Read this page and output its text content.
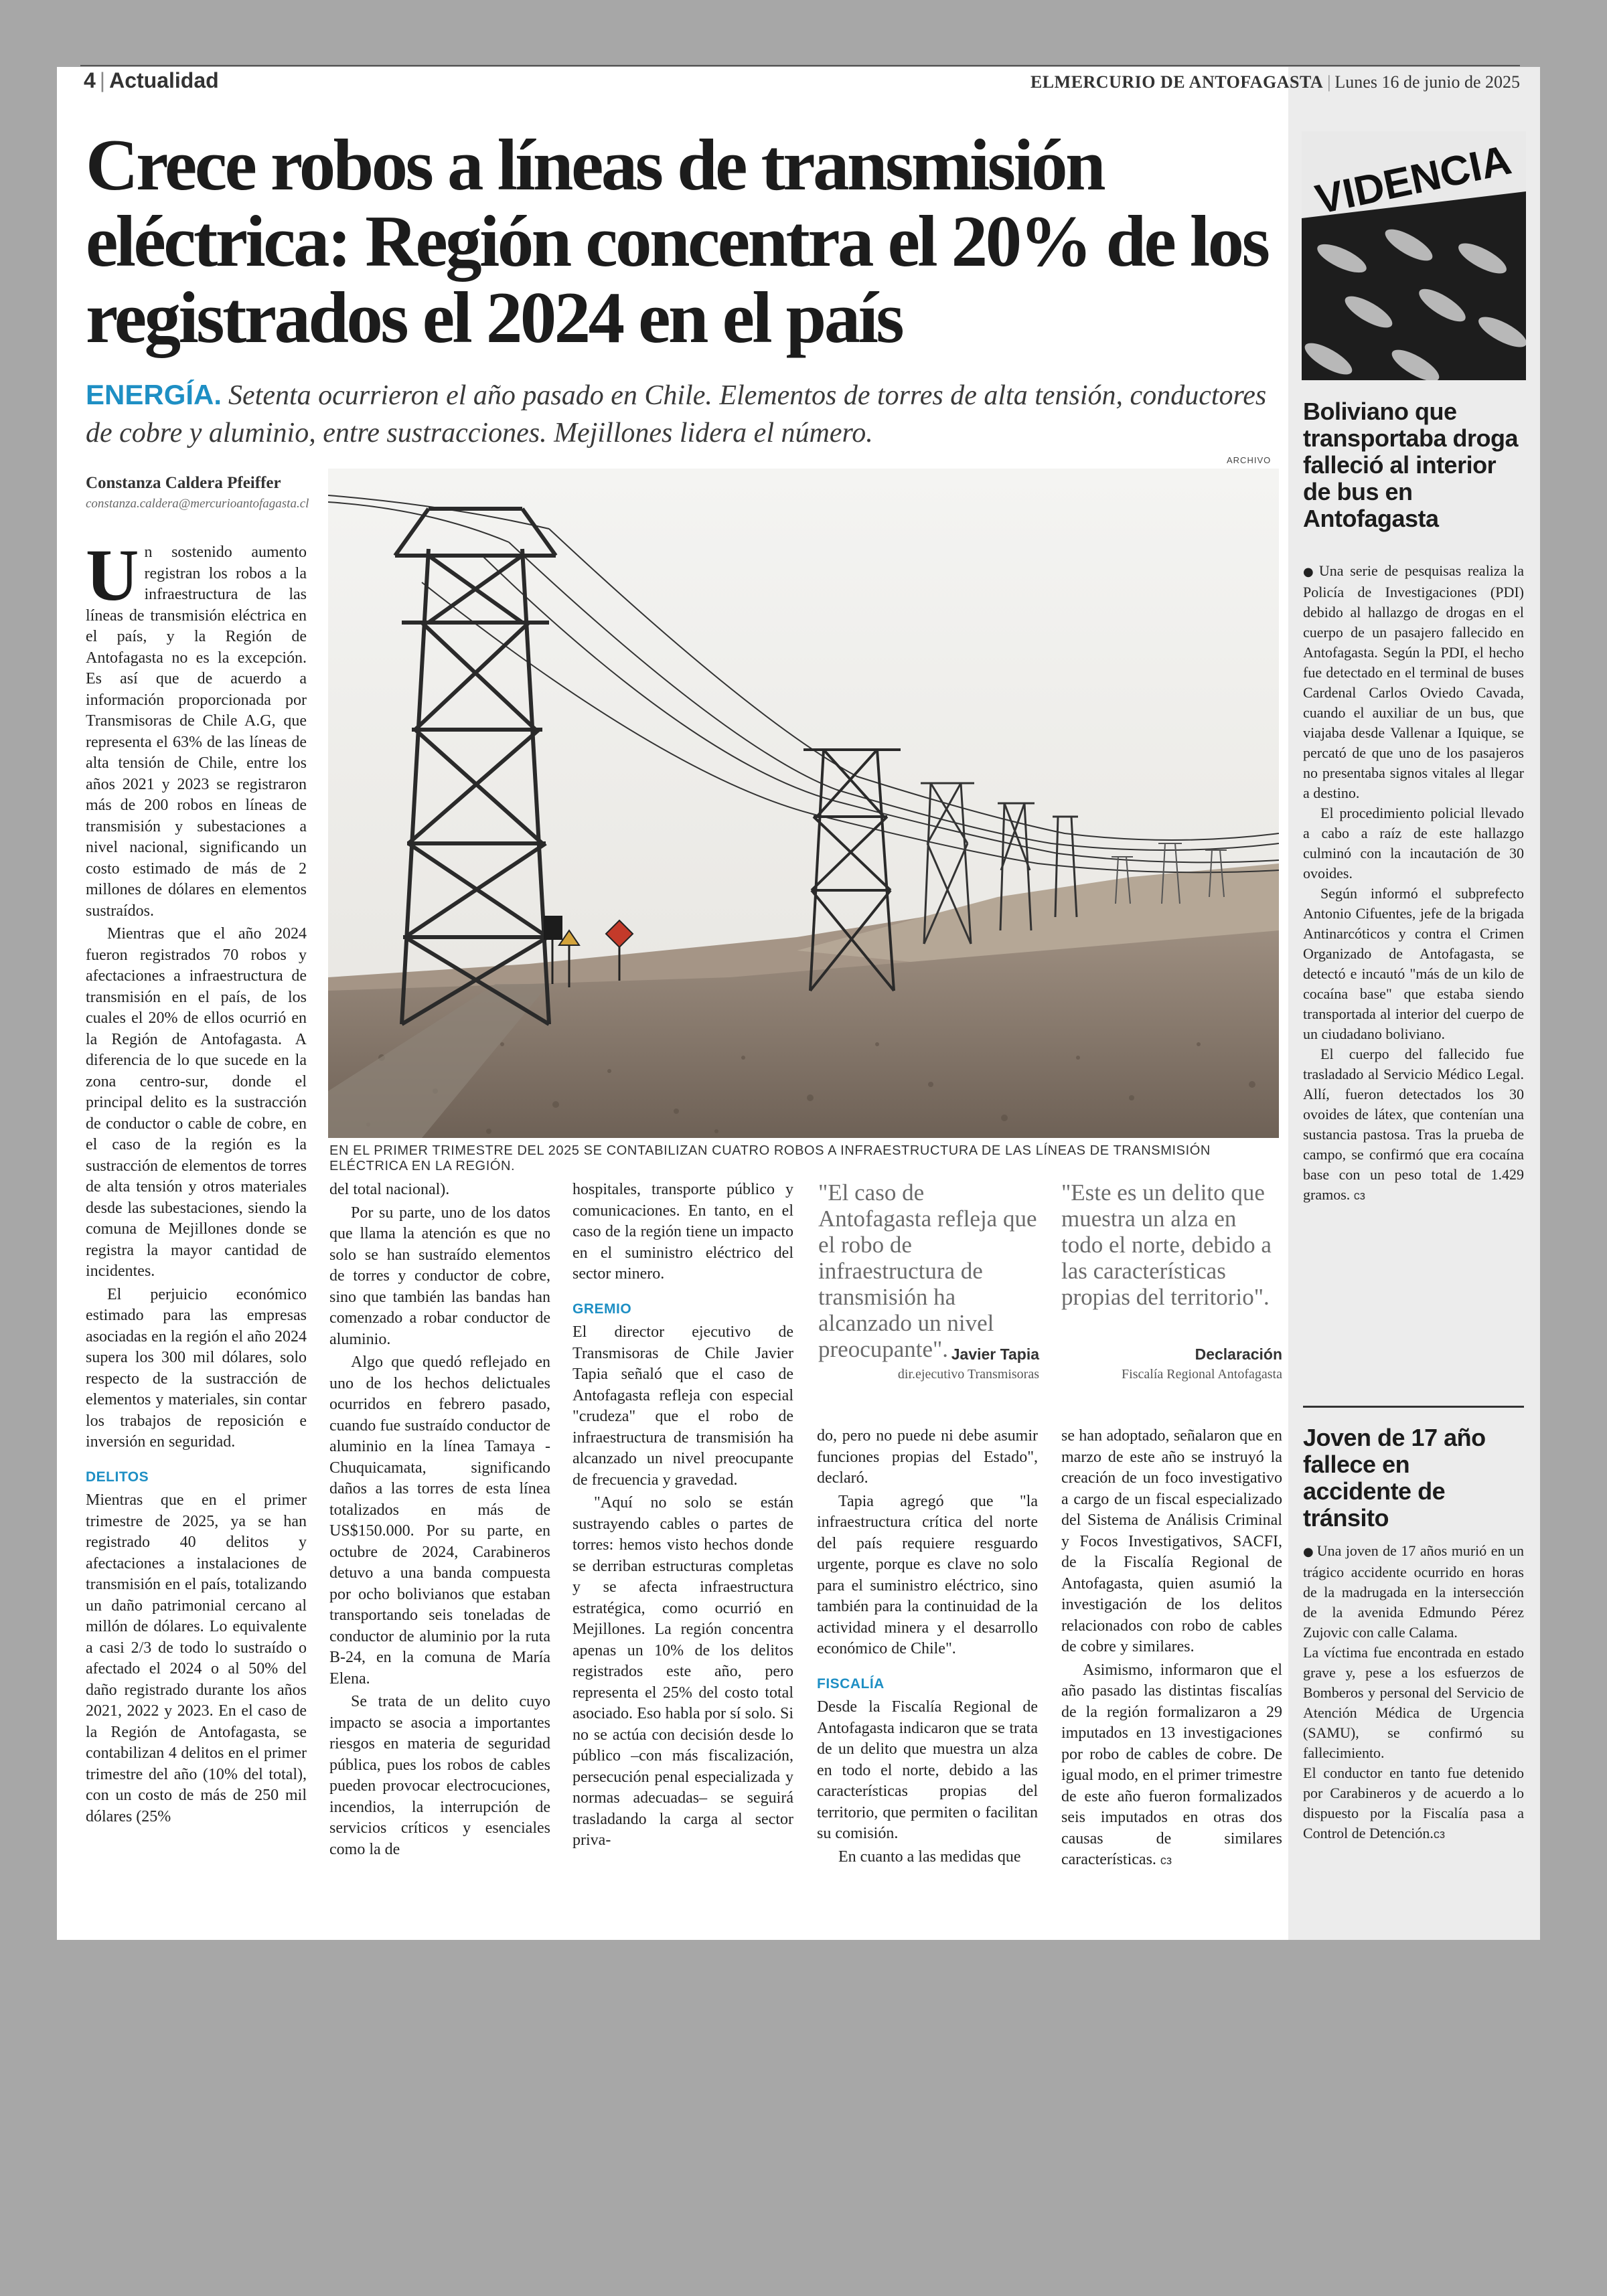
4 | Actualidad	ELMERCURIO DE ANTOFAGASTA | Lunes 16 de junio de 2025
Crece robos a líneas de transmisión eléctrica: Región concentra el 20% de los registrados el 2024 en el país
ENERGÍA. Setenta ocurrieron el año pasado en Chile. Elementos de torres de alta tensión, conductores de cobre y aluminio, entre sustracciones. Mejillones lidera el número.
Constanza Caldera Pfeiffer
constanza.caldera@mercurioantofagasta.cl
ARCHIVO
EN EL PRIMER TRIMESTRE DEL 2025 SE CONTABILIZAN CUATRO ROBOS A INFRAESTRUCTURA DE LAS LÍNEAS DE TRANSMISIÓN ELÉCTRICA EN LA REGIÓN.

Un sostenido aumento registran los robos a la infraestructura de las líneas de transmisión eléctrica en el país, y la Región de Antofagasta no es la excepción. Es así que de acuerdo a información proporcionada por Transmisoras de Chile A.G, que representa el 63% de las líneas de alta tensión de Chile, entre los años 2021 y 2023 se registraron más de 200 robos en líneas de transmisión y subestaciones a nivel nacional, significando un costo estimado de más de 2 millones de dólares en elementos sustraídos.

Mientras que el año 2024 fueron registrados 70 robos y afectaciones a infraestructura de transmisión en el país, de los cuales el 20% de ellos ocurrió en la Región de Antofagasta. A diferencia de lo que sucede en la zona centro-sur, donde el principal delito es la sustracción de conductor o cable de cobre, en el caso de la región es la sustracción de elementos de torres de alta tensión y otros materiales desde las subestaciones, siendo la comuna de Mejillones donde se registra la mayor cantidad de incidentes.

El perjuicio económico estimado para las empresas asociadas en la región el año 2024 supera los 300 mil dólares, solo respecto de la sustracción de elementos y materiales, sin contar los trabajos de reposición e inversión en seguridad.

DELITOS

Mientras que en el primer trimestre de 2025, ya se han registrado 40 delitos y afectaciones a instalaciones de transmisión en el país, totalizando un daño patrimonial cercano al millón de dólares. Lo equivalente a casi 2/3 de todo lo sustraído o afectado el 2024 o al 50% del daño registrado durante los años 2021, 2022 y 2023. En el caso de la Región de Antofagasta, se contabilizan 4 delitos en el primer trimestre del año (10% del total), con un costo de más de 250 mil dólares (25%

del total nacional).

Por su parte, uno de los datos que llama la atención es que no solo se han sustraído elementos de torres y conductor de cobre, sino que también las bandas han comenzado a robar conductor de aluminio.

Algo que quedó reflejado en uno de los hechos delictuales ocurridos en febrero pasado, cuando fue sustraído conductor de aluminio en la línea Tamaya - Chuquicamata, significando daños a las torres de esta línea totalizados en más de US$150.000. Por su parte, en octubre de 2024, Carabineros detuvo a una banda compuesta por ocho bolivianos que estaban transportando seis toneladas de conductor de aluminio por la ruta B-24, en la comuna de María Elena.

Se trata de un delito cuyo impacto se asocia a importantes riesgos en materia de seguridad pública, pues los robos de cables pueden provocar electrocuciones, incendios, la interrupción de servicios críticos y esenciales como la de

hospitales, transporte público y comunicaciones. En tanto, en el caso de la región tiene un impacto en el suministro eléctrico del sector minero.

GREMIO

El director ejecutivo de Transmisoras de Chile Javier Tapia señaló que el caso de Antofagasta refleja con especial "crudeza" que el robo de infraestructura de transmisión ha alcanzado un nivel preocupante de frecuencia y gravedad.

"Aquí no solo se están sustrayendo cables o partes de torres: hemos visto hechos donde se derriban estructuras completas y se afecta infraestructura estratégica, como ocurrió en Mejillones. La región concentra apenas un 10% de los delitos registrados este año, pero representa el 25% del costo total asociado. Eso habla por sí solo. Si no se actúa con decisión desde lo público –con más fiscalización, persecución penal especializada y normas adecuadas– se seguirá trasladando la carga al sector priva-

"El caso de Antofagasta refleja que el robo de infraestructura de transmisión ha alcanzado un nivel preocupante". Javier Tapia
dir.ejecutivo Transmisoras
"Este es un delito que muestra un alza en todo el norte, debido a las características propias del territorio".
Declaración
Fiscalía Regional Antofagasta

do, pero no puede ni debe asumir funciones propias del Estado", declaró.

Tapia agregó que "la infraestructura crítica del norte del país requiere resguardo urgente, porque es clave no solo para el suministro eléctrico, sino también para la continuidad de la actividad minera y el desarrollo económico de Chile".

FISCALÍA

Desde la Fiscalía Regional de Antofagasta indicaron que se trata de un delito que muestra un alza en todo el norte, debido a las características propias del territorio, que permiten o facilitan su comisión.

En cuanto a las medidas que

se han adoptado, señalaron que en marzo de este año se instruyó la creación de un foco investigativo a cargo de un fiscal especializado del Sistema de Análisis Criminal y Focos Investigativos, SACFI, de la Fiscalía Regional de Antofagasta, quien asumió la investigación de los delitos relacionados con robo de cables de cobre y similares.

Asimismo, informaron que el año pasado las distintas fiscalías de la región formalizaron a 29 imputados en 13 investigaciones por robo de cables de cobre. De igual modo, en el primer trimestre de este año fueron formalizados seis imputados en otras dos causas de similares características. cз

VIDENCIA
Boliviano que transportaba droga falleció al interior de bus en Antofagasta

● Una serie de pesquisas realiza la Policía de Investigaciones (PDI) debido al hallazgo de drogas en el cuerpo de un pasajero fallecido en Antofagasta. Según la PDI, el hecho fue detectado en el terminal de buses Cardenal Carlos Oviedo Cavada, cuando el auxiliar de un bus, que viajaba desde Vallenar a Iquique, se percató de que uno de los pasajeros no presentaba signos vitales al llegar a destino.

El procedimiento policial llevado a cabo a raíz de este hallazgo culminó con la incautación de 30 ovoides.

Según informó el subprefecto Antonio Cifuentes, jefe de la brigada Antinarcóticos y contra el Crimen Organizado de Antofagasta, se detectó e incautó "más de un kilo de cocaína base" que estaba siendo transportada al interior del cuerpo de un ciudadano boliviano.

El cuerpo del fallecido fue trasladado al Servicio Médico Legal. Allí, fueron detectados los 30 ovoides de látex, que contenían una sustancia pastosa. Tras la prueba de campo, se confirmó que era cocaína base con un peso total de 1.429 gramos. cз

Joven de 17 año fallece en accidente de tránsito

● Una joven de 17 años murió en un trágico accidente ocurrido en horas de la madrugada en la intersección de la avenida Edmundo Pérez Zujovic con calle Calama.

La víctima fue encontrada en estado grave y, pese a los esfuerzos de Bomberos y personal del Servicio de Atención Médica de Urgencia (SAMU), se confirmó su fallecimiento.

El conductor en tanto fue detenido por Carabineros y de acuerdo a lo dispuesto por la Fiscalía pasa a Control de Detención.cз
